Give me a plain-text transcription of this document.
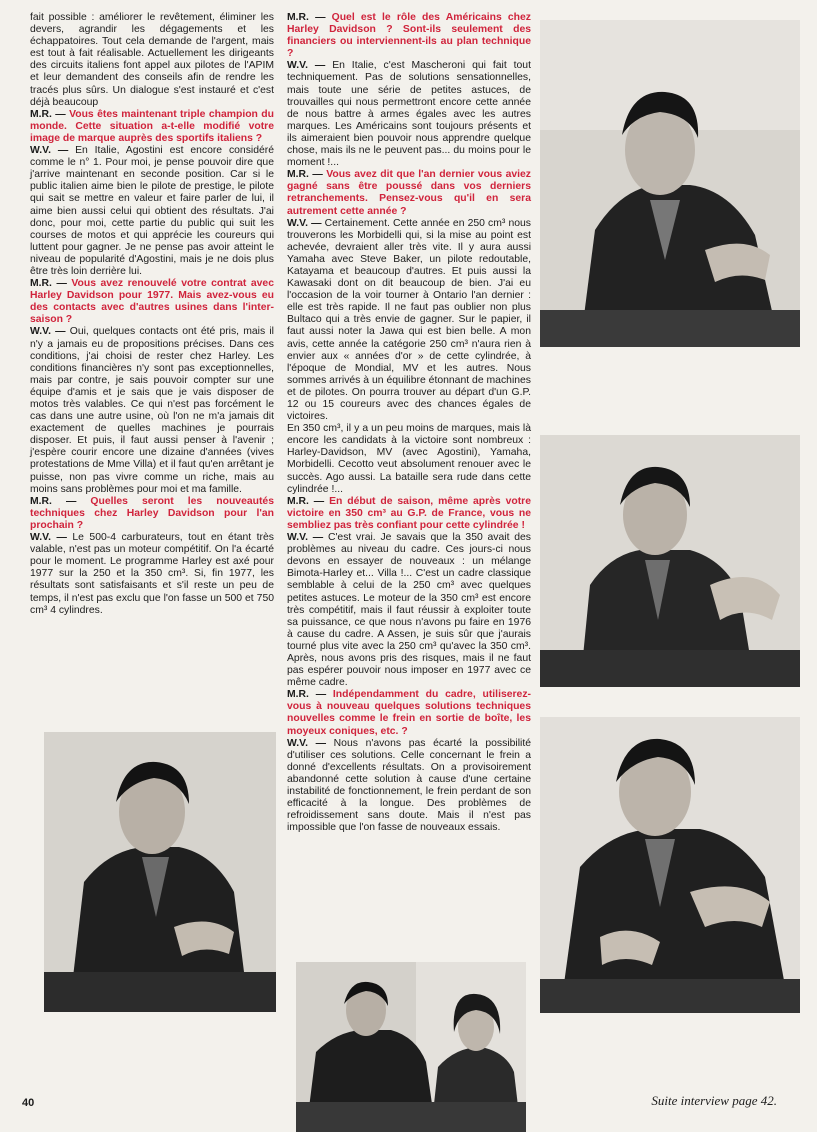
fait possible : améliorer le revêtement, éliminer les devers, agrandir les dégagements et les échappatoires. Tout cela demande de l'argent, mais est tout à fait réalisable. Actuellement les dirigeants des circuits italiens font appel aux pilotes de l'APIM et leur demandent des conseils afin de rendre les tracés plus sûrs. Un dialogue s'est instauré et c'est déjà beaucoup

M.R. — Vous êtes maintenant triple champion du monde. Cette situation a-t-elle modifié votre image de marque auprès des sportifs italiens ?

W.V. — En Italie, Agostini est encore considéré comme le n° 1. Pour moi, je pense pouvoir dire que j'arrive maintenant en seconde position. Car si le public italien aime bien le pilote de prestige, le pilote qui sait se mettre en valeur et faire parler de lui, il aime bien aussi celui qui obtient des résultats. J'ai donc, pour moi, cette partie du public qui suit les courses de motos et qui apprécie les coureurs qui luttent pour gagner. Je ne pense pas avoir atteint le niveau de popularité d'Agostini, mais je ne dois plus être très loin derrière lui.

M.R. — Vous avez renouvelé votre contrat avec Harley Davidson pour 1977. Mais avez-vous eu des contacts avec d'autres usines dans l'inter-saison ?

W.V. — Oui, quelques contacts ont été pris, mais il n'y a jamais eu de propositions précises. Dans ces conditions, j'ai choisi de rester chez Harley. Les conditions financières n'y sont pas exceptionnelles, mais par contre, je sais pouvoir compter sur une équipe d'amis et je sais que je vais disposer de motos très valables. Ce qui n'est pas forcément le cas dans une autre usine, où l'on ne m'a jamais dit exactement de quelles machines je pourrais disposer. Et puis, il faut aussi penser à l'avenir ; j'espère courir encore une dizaine d'années (vives protestations de Mme Villa) et il faut qu'en arrêtant je puisse, non pas vivre comme un riche, mais au moins sans problèmes pour moi et ma famille.

M.R. — Quelles seront les nouveautés techniques chez Harley Davidson pour l'an prochain ?

W.V. — Le 500-4 carburateurs, tout en étant très valable, n'est pas un moteur compétitif. On l'a écarté pour le moment. Le programme Harley est axé pour 1977 sur la 250 et la 350 cm³. Si, fin 1977, les résultats sont satisfaisants et s'il reste un peu de temps, il n'est pas exclu que l'on fasse un 500 et 750 cm³ 4 cylindres.

M.R. — Quel est le rôle des Américains chez Harley Davidson ? Sont-ils seulement des financiers ou interviennent-ils au plan technique ?

W.V. — En Italie, c'est Mascheroni qui fait tout techniquement. Pas de solutions sensationnelles, mais toute une série de petites astuces, de trouvailles qui nous permettront encore cette année de nous battre à armes égales avec les autres marques. Les Américains sont toujours présents et ils aimeraient bien pouvoir nous apprendre quelque chose, mais ils ne le peuvent pas... du moins pour le moment !...

M.R. — Vous avez dit que l'an dernier vous aviez gagné sans être poussé dans vos derniers retranchements. Pensez-vous qu'il en sera autrement cette année ?

W.V. — Certainement. Cette année en 250 cm³ nous trouverons les Morbidelli qui, si la mise au point est achevée, devraient aller très vite. Il y aura aussi Yamaha avec Steve Baker, un pilote redoutable, Katayama et beaucoup d'autres. Et puis aussi la Kawasaki dont on dit beaucoup de bien. J'ai eu l'occasion de la voir tourner à Ontario l'an dernier : elle est très rapide. Il ne faut pas oublier non plus Bultaco qui a très envie de gagner. Sur le papier, il faut aussi noter la Jawa qui est bien belle. A mon avis, cette année la catégorie 250 cm³ n'aura rien à envier aux « années d'or » de cette cylindrée, à l'époque de Mondial, MV et les autres. Nous sommes arrivés à un équilibre étonnant de machines et de pilotes. On pourra trouver au départ d'un G.P. 12 ou 15 coureurs avec des chances égales de victoires.

En 350 cm³, il y a un peu moins de marques, mais là encore les candidats à la victoire sont nombreux : Harley-Davidson, MV (avec Agostini), Yamaha, Morbidelli. Cecotto veut absolument renouer avec le succès. Ago aussi. La bataille sera rude dans cette cylindrée !...

M.R. — En début de saison, même après votre victoire en 350 cm³ au G.P. de France, vous ne sembliez pas très confiant pour cette cylindrée !

W.V. — C'est vrai. Je savais que la 350 avait des problèmes au niveau du cadre. Ces jours-ci nous devons en essayer de nouveaux : un mélange Bimota-Harley et... Villa !... C'est un cadre classique semblable à celui de la 250 cm³ avec quelques petites astuces. Le moteur de la 350 cm³ est encore très compétitif, mais il faut réussir à exploiter toute sa puissance, ce que nous n'avons pu faire en 1976 à cause du cadre. A Assen, je suis sûr que j'aurais tourné plus vite avec la 250 cm³ qu'avec la 350 cm³. Après, nous avons pris des risques, mais il ne faut pas espérer pouvoir nous imposer en 1977 avec ce même cadre.

M.R. — Indépendamment du cadre, utiliserez-vous à nouveau quelques solutions techniques nouvelles comme le frein en sortie de boîte, les moyeux coniques, etc. ?

W.V. — Nous n'avons pas écarté la possibilité d'utiliser ces solutions. Celle concernant le frein a donné d'excellents résultats. On a provisoirement abandonné cette solution à cause d'une certaine instabilité de fonctionnement, le frein perdant de son efficacité à la longue. Des problèmes de refroidissement sans doute. Mais il n'est pas impossible que l'on fasse de nouveaux essais.

40	Suite interview page 42.
